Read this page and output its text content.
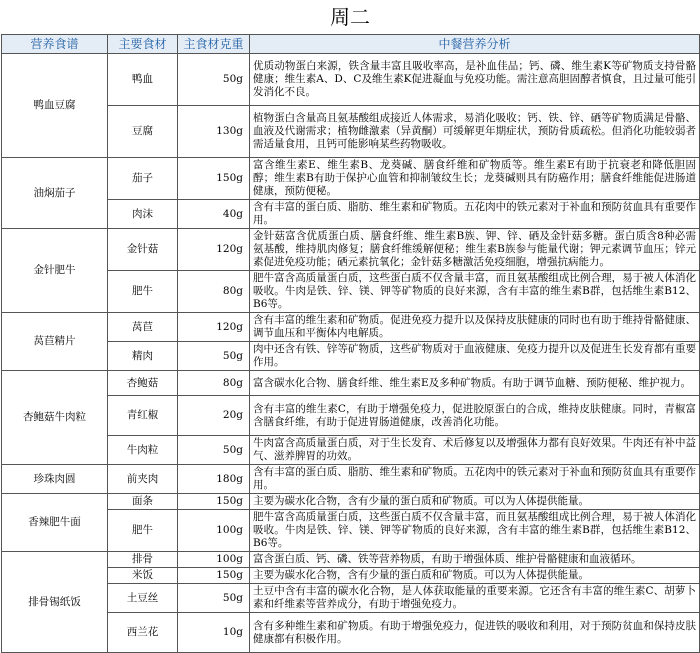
周二
营养食谱	主要食材	主食材克重	中餐营养分析
鸭血豆腐	鸭血	50g	优质动物蛋白来源，铁含量丰富且吸收率高，是补血佳品；钙、磷、维生素K等矿物质支持骨骼健康；维生素A、D、C及维生素K促进凝血与免疫功能。需注意高胆固醇者慎食，且过量可能引发消化不良。
	豆腐	130g	植物蛋白含量高且氨基酸组成接近人体需求，易消化吸收；钙、铁、锌、硒等矿物质满足骨骼、血液及代谢需求；植物雌激素（异黄酮）可缓解更年期症状，预防骨质疏松。但消化功能较弱者需适量食用，且钙可能影响某些药物吸收。
油焖茄子	茄子	150g	富含维生素E、维生素B、龙葵碱、膳食纤维和矿物质等。维生素E有助于抗衰老和降低胆固醇；维生素B有助于保护心血管和抑制皱纹生长；龙葵碱则具有防癌作用；膳食纤维能促进肠道健康，预防便秘。
	肉沫	40g	含有丰富的蛋白质、脂肪、维生素和矿物质。五花肉中的铁元素对于补血和预防贫血具有重要作用。
金针肥牛	金针菇	120g	金针菇富含优质蛋白质、膳食纤维、维生素B族、钾、锌、硒及金针菇多糖。蛋白质含8种必需氨基酸，维持肌肉修复；膳食纤维缓解便秘；维生素B族参与能量代谢；钾元素调节血压；锌元素促进免疫功能；硒元素抗氧化；金针菇多糖激活免疫细胞，增强抗病能力。
	肥牛	80g	肥牛富含高质量蛋白质，这些蛋白质不仅含量丰富，而且氨基酸组成比例合理，易于被人体消化吸收。牛肉是铁、锌、镁、钾等矿物质的良好来源，含有丰富的维生素B群，包括维生素B12、B6等。
莴苣精片	莴苣	120g	含有丰富的维生素和矿物质。促进免疫力提升以及保持皮肤健康的同时也有助于维持骨骼健康、调节血压和平衡体内电解质。
	精肉	50g	肉中还含有铁、锌等矿物质，这些矿物质对于血液健康、免疫力提升以及促进生长发育都有重要作用。
杏鲍菇牛肉粒	杏鲍菇	80g	富含碳水化合物、膳食纤维、维生素E及多种矿物质。有助于调节血糖、预防便秘、维护视力。
	青红椒	20g	含有丰富的维生素C，有助于增强免疫力，促进胶原蛋白的合成，维持皮肤健康。同时，青椒富含膳食纤维，有助于促进胃肠道健康，改善消化功能。
	牛肉粒	50g	牛肉富含高质量蛋白质，对于生长发育、术后修复以及增强体力都有良好效果。牛肉还有补中益气、滋养脾胃的功效。
珍珠肉圆	前夹肉	180g	含有丰富的蛋白质、脂肪、维生素和矿物质。五花肉中的铁元素对于补血和预防贫血具有重要作用。
香辣肥牛面	面条	150g	主要为碳水化合物，含有少量的蛋白质和矿物质。可以为人体提供能量。
	肥牛	100g	肥牛富含高质量蛋白质，这些蛋白质不仅含量丰富，而且氨基酸组成比例合理，易于被人体消化吸收。牛肉是铁、锌、镁、钾等矿物质的良好来源，含有丰富的维生素B群，包括维生素B12、B6等。
排骨锡纸饭	排骨	100g	富含蛋白质、钙、磷、铁等营养物质，有助于增强体质、维护骨骼健康和血液循环。
	米饭	150g	主要为碳水化合物，含有少量的蛋白质和矿物质。可以为人体提供能量。
	土豆丝	50g	土豆中含有丰富的碳水化合物，是人体获取能量的重要来源。它还含有丰富的维生素C、胡萝卜素和纤维素等营养成分，有助于增强免疫力。
	西兰花	10g	含有多种维生素和矿物质。有助于增强免疫力，促进铁的吸收和利用，对于预防贫血和保持皮肤健康都有积极作用。
